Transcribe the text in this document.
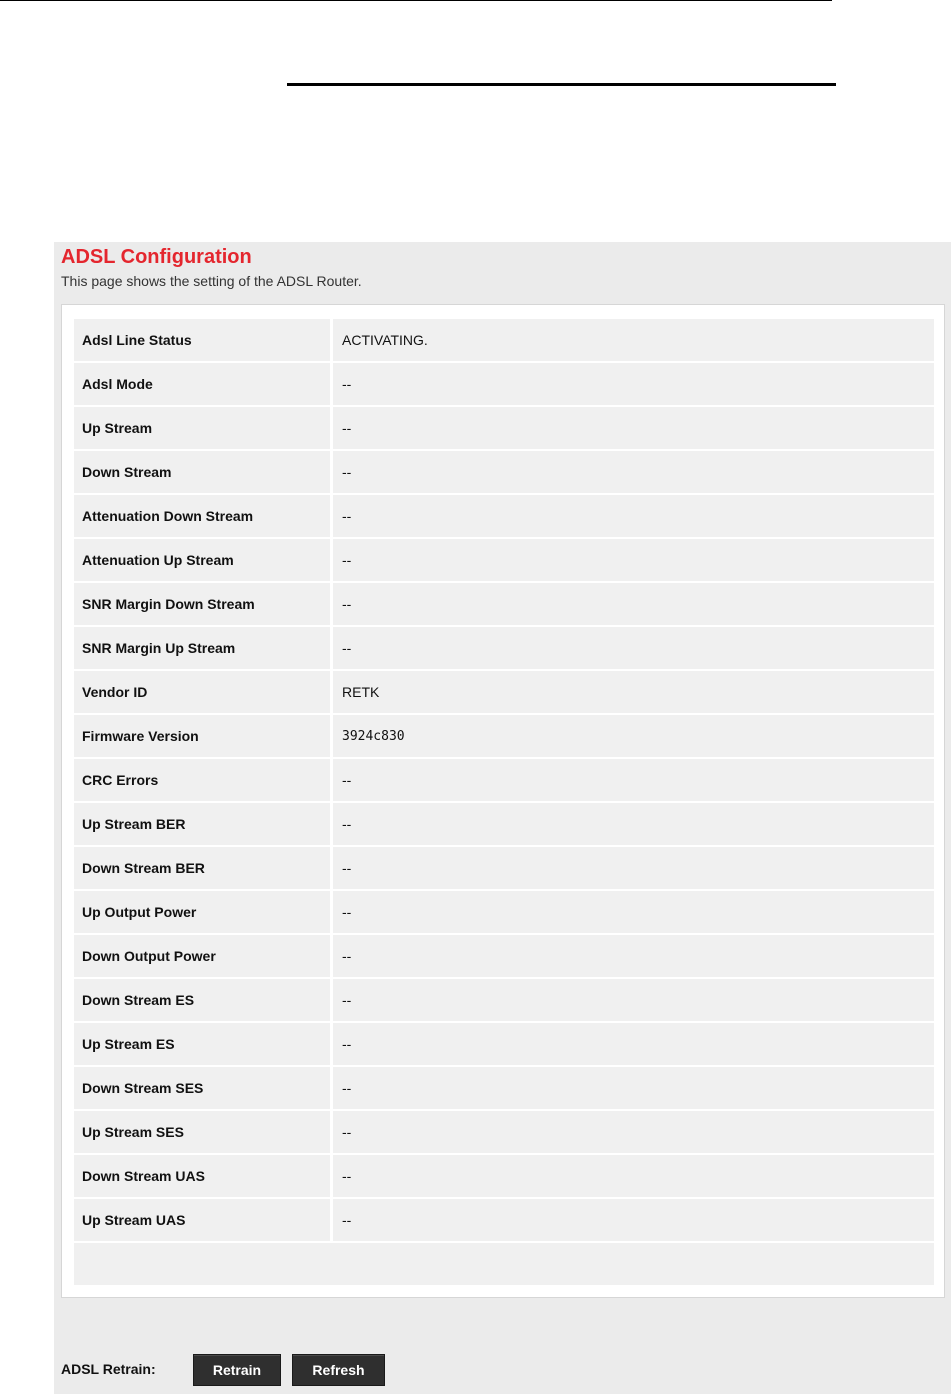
ADSL Configuration
This page shows the setting of the ADSL Router.
Adsl Line Status	ACTIVATING.
Adsl Mode	--
Up Stream	--
Down Stream	--
Attenuation Down Stream	--
Attenuation Up Stream	--
SNR Margin Down Stream	--
SNR Margin Up Stream	--
Vendor ID	RETK
Firmware Version	3924c830
CRC Errors	--
Up Stream BER	--
Down Stream BER	--
Up Output Power	--
Down Output Power	--
Down Stream ES	--
Up Stream ES	--
Down Stream SES	--
Up Stream SES	--
Down Stream UAS	--
Up Stream UAS	--

ADSL Retrain:	Retrain	Refresh
